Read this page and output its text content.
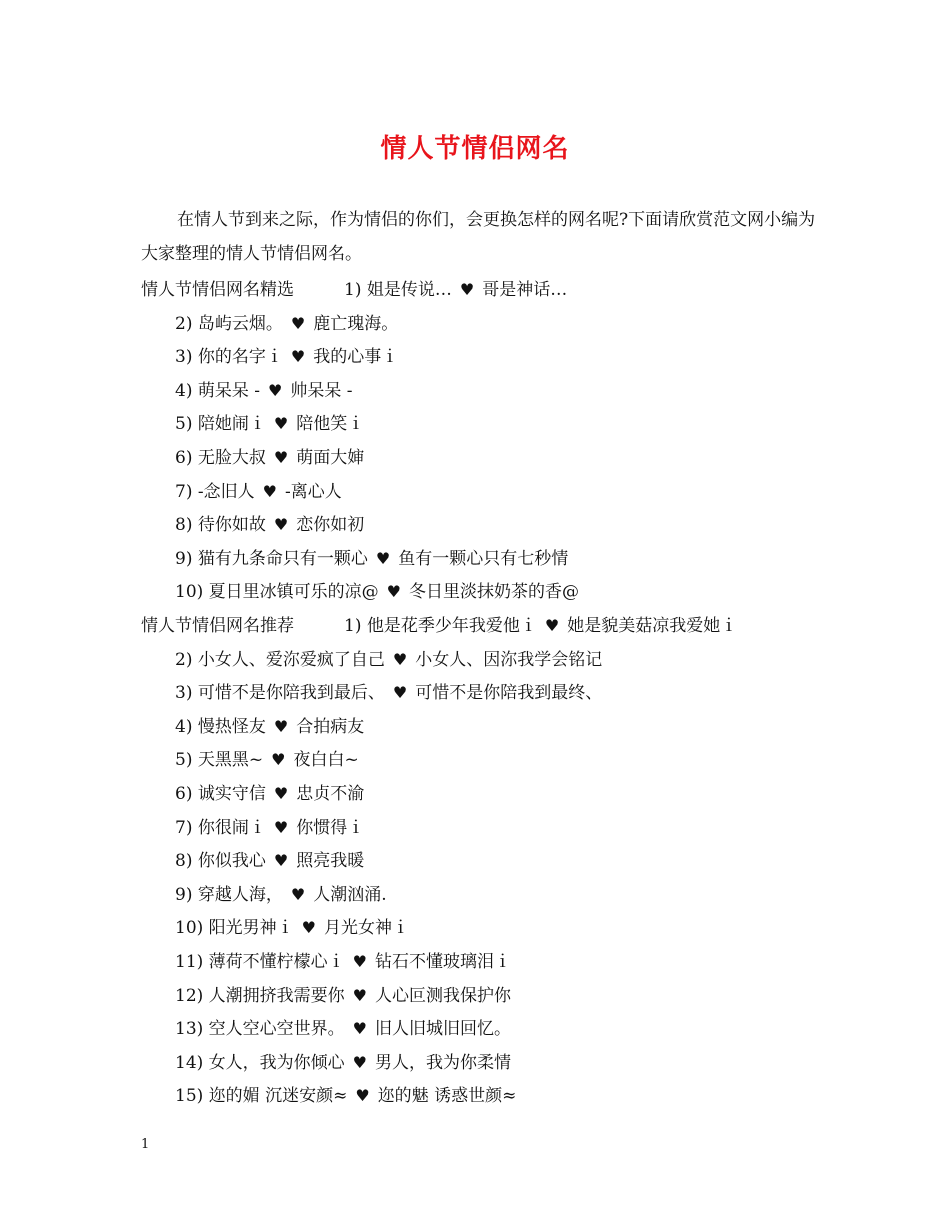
情人节情侣网名
在情人节到来之际，作为情侣的你们，会更换怎样的网名呢?下面请欣赏范文网小编为大家整理的情人节情侣网名。
情人节情侣网名精选	1) 姐是传说… ♥ 哥是神话…
2) 岛屿云烟。 ♥ 鹿亡瑰海。
3) 你的名字ｉ ♥ 我的心事ｉ
4) 萌呆呆 - ♥ 帅呆呆 -
5) 陪她闹ｉ ♥ 陪他笑ｉ
6) 无脸大叔 ♥ 萌面大婶
7) -念旧人 ♥ -离心人
8) 待你如故 ♥ 恋你如初
9) 猫有九条命只有一颗心 ♥ 鱼有一颗心只有七秒情
10) 夏日里冰镇可乐的凉@ ♥ 冬日里淡抹奶茶的香@
情人节情侣网名推荐	1) 他是花季少年我爱他ｉ ♥ 她是貌美菇凉我爱她ｉ
2) 小女人、爱沵爱疯了自己 ♥ 小女人、因沵我学会铭记
3) 可惜不是你陪我到最后、 ♥ 可惜不是你陪我到最终、
4) 慢热怪友 ♥ 合拍病友
5) 天黑黑~ ♥ 夜白白~
6) 诚实守信 ♥ 忠贞不渝
7) 你很闹ｉ ♥ 你惯得ｉ
8) 你似我心 ♥ 照亮我暖
9) 穿越人海， ♥ 人潮汹涌.
10) 阳光男神ｉ ♥ 月光女神ｉ
11) 薄荷不懂柠檬心ｉ ♥ 钻石不懂玻璃泪ｉ
12) 人潮拥挤我需要你 ♥ 人心叵测我保护你
13) 空人空心空世界。 ♥ 旧人旧城旧回忆。
14) 女人，我为你倾心 ♥ 男人，我为你柔情
15) 迩的媚 沉迷安颜≈ ♥ 迩的魅 诱惑世颜≈
1
